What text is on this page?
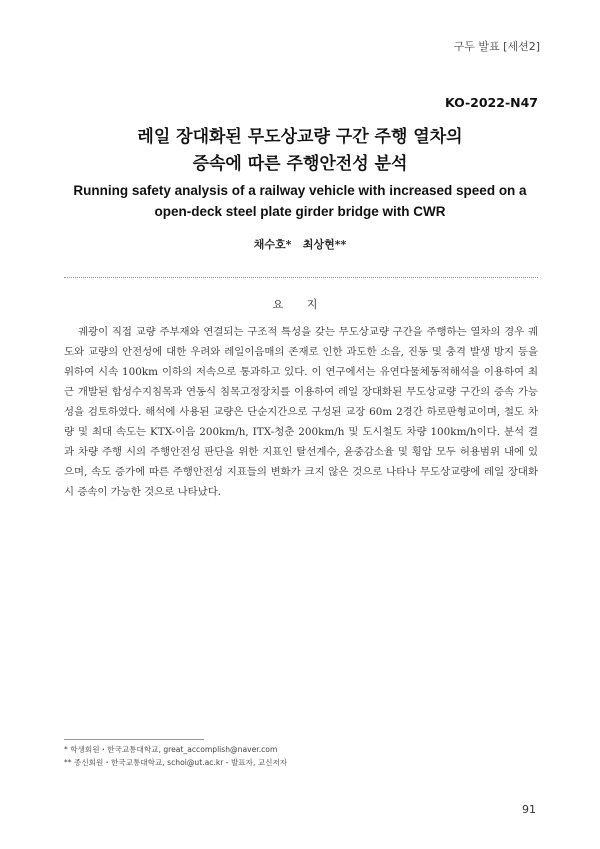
구두 발표 [세션2]
KO-2022-N47
레일 장대화된 무도상교량 구간 주행 열차의
증속에 따른 주행안전성 분석
Running safety analysis of a railway vehicle with increased speed on a
open-deck steel plate girder bridge with CWR
채수호*   최상현**
요 지

궤광이 직접 교량 주부재와 연결되는 구조적 특성을 갖는 무도상교량 구간을 주행하는 열차의 경우 궤도와 교량의 안전성에 대한 우려와 레일이음매의 존재로 인한 과도한 소음, 진동 및 충격 발생 방지 등을 위하여 시속 100km 이하의 저속으로 통과하고 있다. 이 연구에서는 유연다물체동적해석을 이용하여 최근 개발된 합성수지침목과 연동식 침목고정장치를 이용하여 레일 장대화된 무도상교량 구간의 증속 가능성을 검토하였다. 해석에 사용된 교량은 단순지간으로 구성된 교장 60m 2경간 하로판형교이며, 철도 차량 및 최대 속도는 KTX-이음 200km/h, ITX-청춘 200km/h 및 도시철도 차량 100km/h이다. 분석 결과 차량 주행 시의 주행안전성 판단을 위한 지표인 탈선계수, 윤중감소율 및 횡압 모두 허용범위 내에 있으며, 속도 증가에 따른 주행안전성 지표들의 변화가 크지 않은 것으로 나타나 무도상교량에 레일 장대화 시 증속이 가능한 것으로 나타났다.

* 학생회원・한국교통대학교, great_accomplish@naver.com
** 종신회원・한국교통대학교, schoi@ut.ac.kr - 발표자, 교신저자
91
